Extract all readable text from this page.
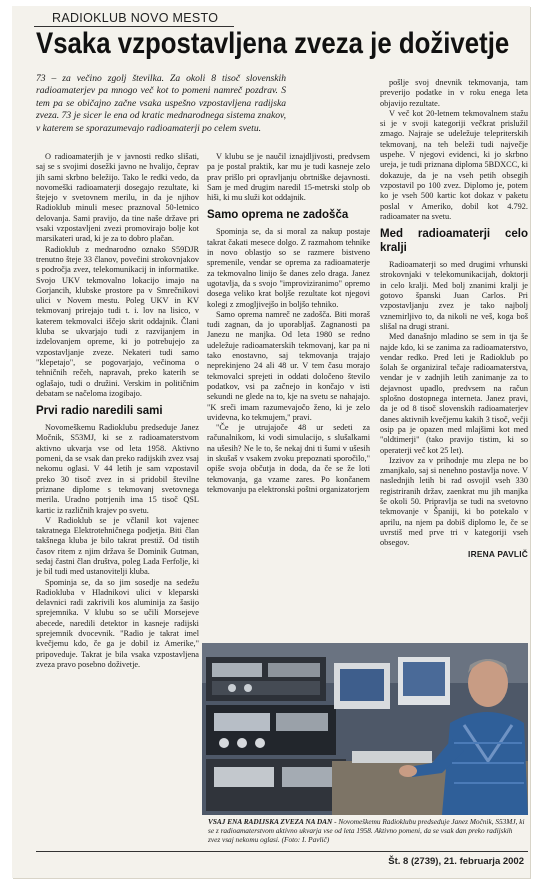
RADIOKLUB NOVO MESTO
Vsaka vzpostavljena zveza je doživetje
73 – za večino zgolj številka. Za okoli 8 tisoč slovenskih radioamaterjev pa mnogo več kot to pomeni namreč pozdrav. S tem pa se običajno začne vsaka uspešno vzpostavljena radijska zveza. 73 je sicer le ena od kratic mednarodnega sistema znakov, v katerem se sporazumevajo radioamaterji po celem svetu.

O radioamaterjih je v javnosti redko slišati, saj se s svojimi dosežki javno ne hvalijo, čeprav jih sami skrbno beležijo. Tako le redki vedo, da novomeški radioamaterji dosegajo rezultate, ki štejejo v svetovnem merilu, in da je njihov Radioklub minuli mesec praznoval 50-letnico delovanja. Sami pravijo, da tine naše države pri vsaki vzpostavljeni zvezi promovirajo bolje kot marsikateri urad, ki je za to dobro plačan.

Radioklub z mednarodno oznako S59DJR trenutno šteje 33 članov, povečini strokovnjakov s področja zvez, telekomunikacij in informatike. Svojo UKV tekmovalno lokacijo imajo na Gorjancih, klubske prostore pa v Smrečnikovi ulici v Novem mestu. Poleg UKV in KV tekmovanj prirejajo tudi t. i. lov na lisico, v katerem tekmovalci iščejo skrit oddajnik. Člani kluba se ukvarjajo tudi z razvijanjem in izdelovanjem opreme, ki jo potrebujejo za vzpostavljanje zveze. Nekateri tudi samo "klepetajo", se pogovarjajo, večinoma o tehničnih rečeh, napravah, preko katerih se oglašajo, tudi o družini. Verskim in političnim debatam se načeloma izogibajo.

Prvi radio naredili sami

Novomeškemu Radioklubu predseduje Janez Močnik, S53MJ, ki se z radioamaterstvom aktivno ukvarja vse od leta 1958. Aktivno pomeni, da se vsak dan preko radijskih zvez vsaj nekomu oglasi. V 44 letih je sam vzpostavil preko 30 tisoč zvez in si pridobil številne priznane diplome s tekmovanj svetovnega merila. Uradno potrjenih ima 15 tisoč QSL kartic iz različnih krajev po svetu.

V Radioklub se je včlanil kot vajenec takratnega Elektrotehničnega podjetja. Biti član takšnega kluba je bilo takrat prestiž. Od tistih časov ritem z njim država še Dominik Gutman, sedaj častni član društva, poleg Lada Ferfolje, ki je bil tudi med ustanovitelji kluba.

Spominja se, da so jim sosedje na sedežu Radiokluba v Hladnikovi ulici v kleparski delavnici radi zakrivili kos aluminija za šasijo sprejemnika. V klubu so se učili Morsejeve abecede, naredili detektor in kasneje radijski sprejemnik dvocevnik. "Radio je takrat imel kvečjemu kdo, če ga je dobil iz Amerike," pripoveduje. Takrat je bila vsaka vzpostavljena zveza pravo posebno doživetje.

V klubu se je naučil iznajdljivosti, predvsem pa je postal praktik, kar mu je tudi kasneje zelo prav prišlo pri opravljanju obrtniške dejavnosti. Sam je med drugim naredil 15-metrski stolp ob hiši, ki mu služi kot oddajnik.

Samo oprema ne zadošča

Spominja se, da si moral za nakup postaje takrat čakati mesece dolgo. Z razmahom tehnike in novo oblastjo so se razmere bistveno spremenile, vendar se oprema za radioamaterje za tekmovalno linijo še danes zelo draga. Janez ugotavlja, da s svojo "improviziranimo" opremo dosega veliko krat boljše rezultate kot njegovi kolegi z zmogljivejšo in boljšo tehniko.

Samo oprema namreč ne zadošča. Biti moraš tudi zagnan, da jo uporabljaš. Zagnanosti pa Janezu ne manjka. Od leta 1980 se redno udeležuje radioamaterskih tekmovanj, kar pa ni tako enostavno, saj tekmovanja trajajo neprekinjeno 24 ali 48 ur. V tem času morajo tekmovalci sprejeti in oddati določeno število podatkov, vsi pa začnejo in končajo v isti sekundi ne glede na to, kje na svetu se nahajajo. "K sreči imam razumevajočo ženo, ki je zelo uvidevna, ko tekmujem," pravi.

"Če je utrujajoče 48 ur sedeti za računalnikom, ki vodi simulacijo, s slušalkami na ušesih? Ne le to, še nekaj dni ti šumi v ušesih in skušaš v vsakem zvoku prepoznati sporočilo," opiše svoja občutja in doda, da če se že loti tekmovanja, ga vzame zares. Po končanem tekmovanju pa elektronski poštni organizatorjem

pošlje svoj dnevnik tekmovanja, tam preverijo podatke in v roku enega leta objavijo rezultate.

V več kot 20-letnem tekmovalnem stažu si je v svoji kategoriji večkrat prislužil zmago. Najraje se udeležuje telepriterskih tekmovanj, na teh beleži tudi največje uspehe. V njegovi evidenci, ki jo skrbno ureja, je tudi priznana diploma 5BDXCC, ki dokazuje, da je na vseh petih obsegih vzpostavil po 100 zvez. Diplomo je, potem ko je vseh 500 kartic kot dokaz v paketu poslal v Ameriko, dobil kot 4.792. radioamater na svetu.

Med radioamaterji celo kralji

Radioamaterji so med drugimi vrhunski strokovnjaki v telekomunikacijah, doktorji in celo kralji. Med bolj znanimi kralji je gotovo španski Juan Carlos. Pri vzpostavljanju zvez je tako najbolj vznemirljivo to, da nikoli ne veš, koga boš slišal na drugi strani.

Med današnjo mladino se sem in tja še najde kdo, ki se zanima za radioamaterstvo, vendar redko. Pred leti je Radioklub po šolah še organiziral tečaje radioamaterstva, vendar je v zadnjih letih zanimanje za to dejavnost upadlo, predvsem na račun splošno dostopnega interneta. Janez pravi, da je od 8 tisoč slovenskih radioamaterjev danes aktivnih kvečjemu kakih 3 tisoč, večji osip pa je opazen med mlajšimi kot med "oldtimerji" (tako pravijo tistim, ki so operaterji več kot 25 let).

Izzivov za v prihodnje mu zlepa ne bo zmanjkalo, saj si nenehno postavlja nove. V naslednjih letih bi rad osvojil vseh 330 registriranih držav, zaenkrat mu jih manjka še okoli 50. Pripravlja se tudi na svetovno tekmovanje v Španiji, ki bo potekalo v aprilu, na njem pa dobiš diplomo le, če se uvrstiš med prve tri v kategoriji vseh obsegov.

IRENA PAVLIČ
VSAJ ENA RADIJSKA ZVEZA NA DAN - Novomeškemu Radioklubu predseduje Janez Močnik, S53MJ, ki se z radioamaterstvom aktivno ukvarja vse od leta 1958. Aktivno pomeni, da se vsak dan preko radijskih zvez vsaj nekomu oglasi. (Foto: I. Pavlič)
Št. 8 (2739), 21. februarja 2002
